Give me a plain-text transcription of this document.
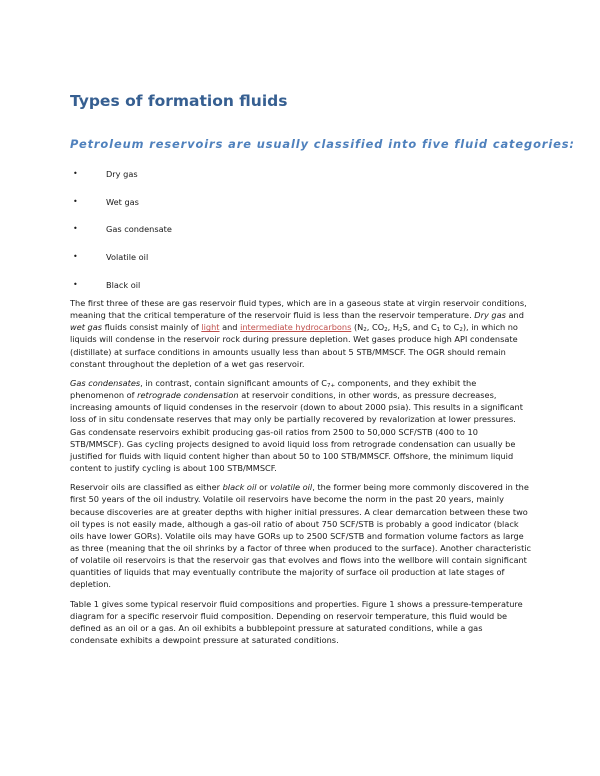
Types of formation fluids
Petroleum reservoirs are usually classified into five fluid categories:
•	Dry gas
•	Wet gas
•	Gas condensate
•	Volatile oil
•	Black oil

The first three of these are gas reservoir fluid types, which are in a gaseous state at virgin reservoir conditions, meaning that the critical temperature of the reservoir fluid is less than the reservoir temperature. Dry gas and wet gas fluids consist mainly of light and intermediate hydrocarbons ($N_2$, $CO_2$, $H_2S$, and $C_1$ to $C_2$), in which no liquids will condense in the reservoir rock during pressure depletion. Wet gases produce high API condensate (distillate) at surface conditions in amounts usually less than about 5 STB/MMSCF. The OGR should remain constant throughout the depletion of a wet gas reservoir.

Gas condensates, in contrast, contain significant amounts of $C_{7+}$ components, and they exhibit the phenomenon of retrograde condensation at reservoir conditions, in other words, as pressure decreases, increasing amounts of liquid condenses in the reservoir (down to about 2000 psia). This results in a significant loss of in situ condensate reserves that may only be partially recovered by revalorization at lower pressures. Gas condensate reservoirs exhibit producing gas-oil ratios from 2500 to 50,000 SCF/STB (400 to 10 STB/MMSCF). Gas cycling projects designed to avoid liquid loss from retrograde condensation can usually be justified for fluids with liquid content higher than about 50 to 100 STB/MMSCF. Offshore, the minimum liquid content to justify cycling is about 100 STB/MMSCF.

Reservoir oils are classified as either black oil or volatile oil, the former being more commonly discovered in the first 50 years of the oil industry. Volatile oil reservoirs have become the norm in the past 20 years, mainly because discoveries are at greater depths with higher initial pressures. A clear demarcation between these two oil types is not easily made, although a gas-oil ratio of about 750 SCF/STB is probably a good indicator (black oils have lower GORs). Volatile oils may have GORs up to 2500 SCF/STB and formation volume factors as large as three (meaning that the oil shrinks by a factor of three when produced to the surface). Another characteristic of volatile oil reservoirs is that the reservoir gas that evolves and flows into the wellbore will contain significant quantities of liquids that may eventually contribute the majority of surface oil production at late stages of depletion.

Table 1 gives some typical reservoir fluid compositions and properties. Figure 1 shows a pressure-temperature diagram for a specific reservoir fluid composition. Depending on reservoir temperature, this fluid would be defined as an oil or a gas. An oil exhibits a bubblepoint pressure at saturated conditions, while a gas condensate exhibits a dewpoint pressure at saturated conditions.
